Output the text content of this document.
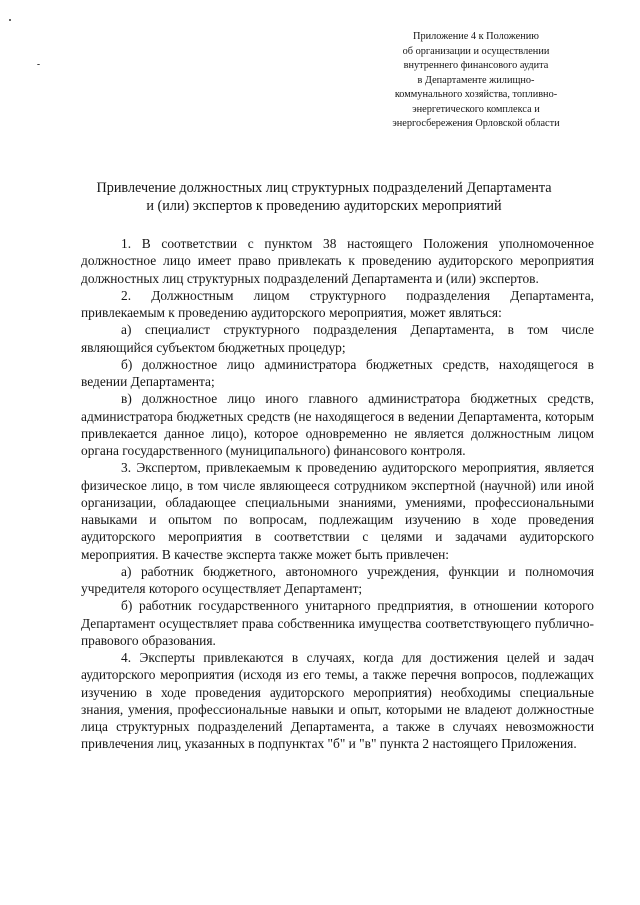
Приложение 4 к Положению
об организации и осуществлении
внутреннего финансового аудита
в Департаменте жилищно-
коммунального хозяйства, топливно-
энергетического комплекса и
энергосбережения Орловской области
Привлечение должностных лиц структурных подразделений Департамента
и (или) экспертов к проведению аудиторских мероприятий

1. В соответствии с пунктом 38 настоящего Положения уполномоченное должностное лицо имеет право привлекать к проведению аудиторского мероприятия должностных лиц структурных подразделений Департамента и (или) экспертов.

2. Должностным лицом структурного подразделения Департамента, привлекаемым к проведению аудиторского мероприятия, может являться:

а) специалист структурного подразделения Департамента, в том числе являющийся субъектом бюджетных процедур;

б) должностное лицо администратора бюджетных средств, находящегося в ведении Департамента;

в) должностное лицо иного главного администратора бюджетных средств, администратора бюджетных средств (не находящегося в ведении Департамента, которым привлекается данное лицо), которое одновременно не является должностным лицом органа государственного (муниципального) финансового контроля.

3. Экспертом, привлекаемым к проведению аудиторского мероприятия, является физическое лицо, в том числе являющееся сотрудником экспертной (научной) или иной организации, обладающее специальными знаниями, умениями, профессиональными навыками и опытом по вопросам, подлежащим изучению в ходе проведения аудиторского мероприятия в соответствии с целями и задачами аудиторского мероприятия. В качестве эксперта также может быть привлечен:

а) работник бюджетного, автономного учреждения, функции и полномочия учредителя которого осуществляет Департамент;

б) работник государственного унитарного предприятия, в отношении которого Департамент осуществляет права собственника имущества соответствующего публично-правового образования.

4. Эксперты привлекаются в случаях, когда для достижения целей и задач аудиторского мероприятия (исходя из его темы, а также перечня вопросов, подлежащих изучению в ходе проведения аудиторского мероприятия) необходимы специальные знания, умения, профессиональные навыки и опыт, которыми не владеют должностные лица структурных подразделений Департамента, а также в случаях невозможности привлечения лиц, указанных в подпунктах "б" и "в" пункта 2 настоящего Приложения.
